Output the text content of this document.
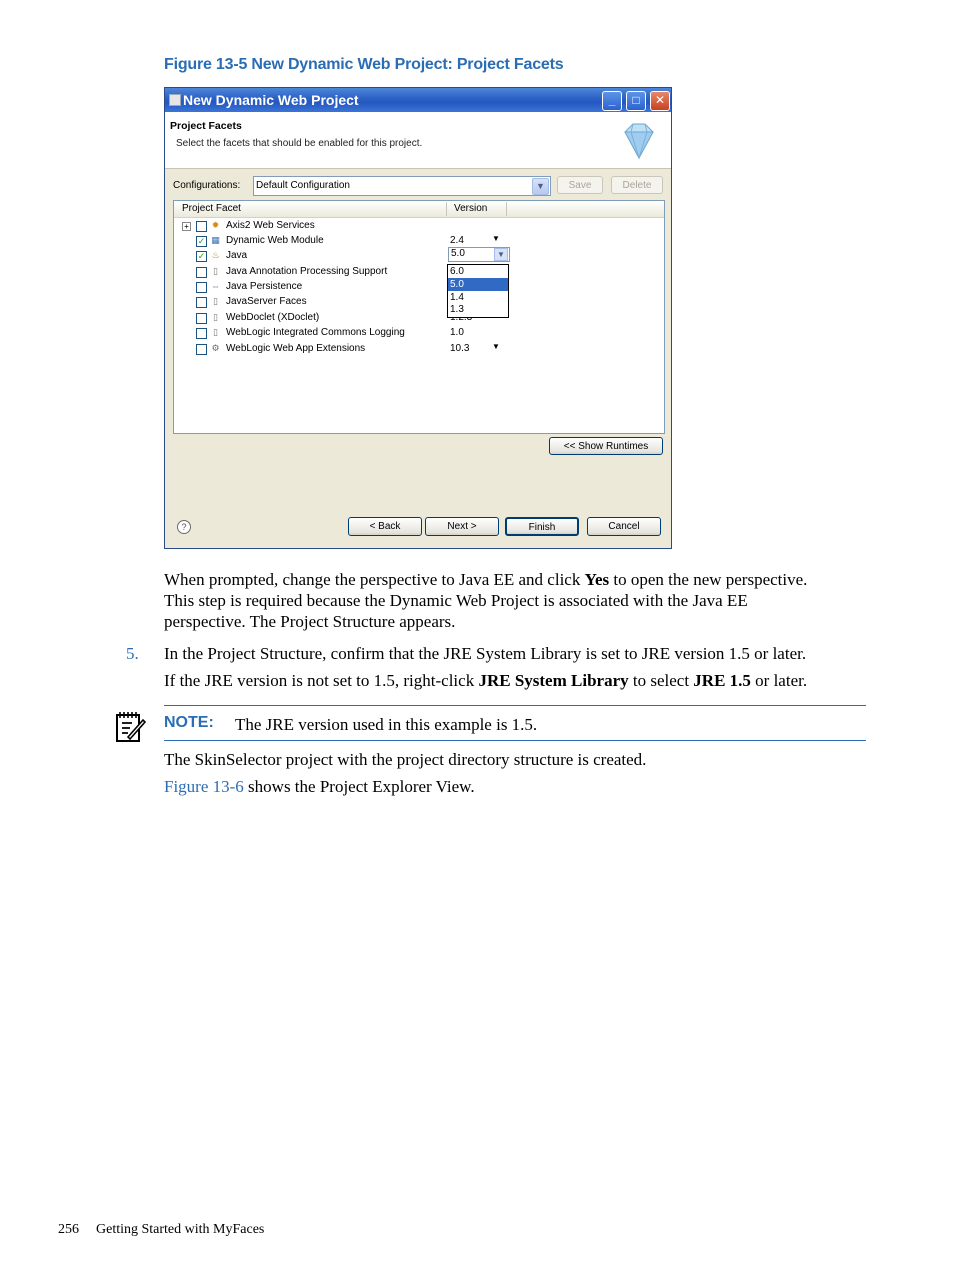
Figure 13-5 New Dynamic Web Project: Project Facets
New Dynamic Web Project	_	□	✕
Project Facets
Select the facets that should be enabled for this project.
Configurations: Default Configuration	▼	Save	Delete
Project Facet	Version
+	✹ Axis2 Web Services
✓ ▦ Dynamic Web Module	2.4	▼
✓ ♨ Java	5.0	▼
▯ Java Annotation Processing Support
⇔ Java Persistence
▯ JavaServer Faces
▯ WebDoclet (XDoclet)
▯ WebLogic Integrated Commons Logging	1.0
⚙ WebLogic Web App Extensions	10.3	▼
6.0
5.0
1.4
1.3
<< Show Runtimes
?	< Back	Next >	Finish	Cancel
When prompted, change the perspective to Java EE and click Yes to open the new perspective.
This step is required because the Dynamic Web Project is associated with the Java EE
perspective. The Project Structure appears.
5. In the Project Structure, confirm that the JRE System Library is set to JRE version 1.5 or later.
If the JRE version is not set to 1.5, right-click JRE System Library to select JRE 1.5 or later.
NOTE: The JRE version used in this example is 1.5.
The SkinSelector project with the project directory structure is created.
Figure 13-6 shows the Project Explorer View.
256 Getting Started with MyFaces
